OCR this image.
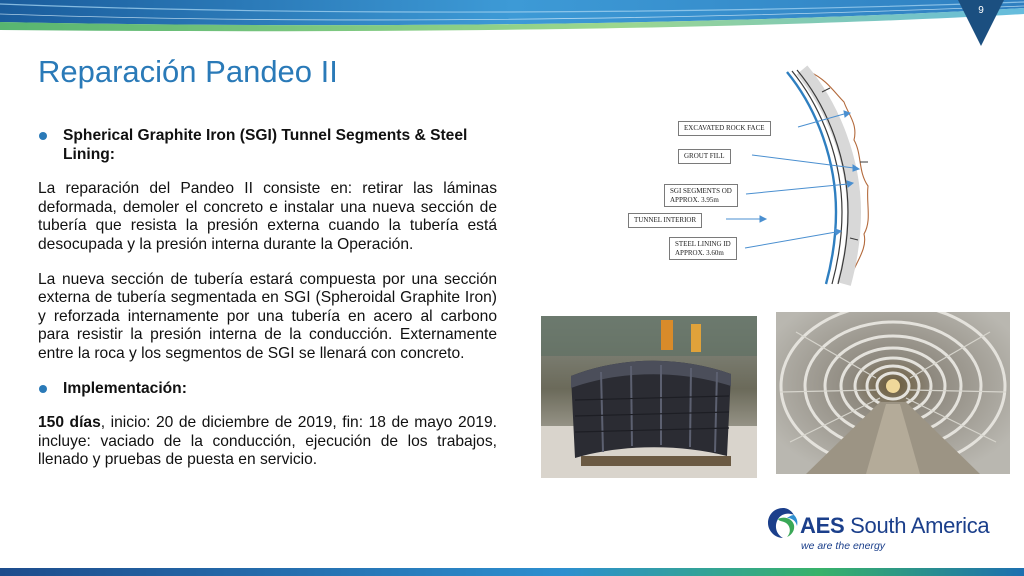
9
Reparación Pandeo II
Spherical Graphite Iron (SGI) Tunnel Segments & Steel Lining:

La reparación del Pandeo II consiste en: retirar las láminas deformada, demoler el concreto e instalar una nueva sección de tubería que resista la presión externa cuando la tubería está desocupada y la presión interna durante la Operación.

La nueva sección de tubería estará compuesta por una sección externa de tubería segmentada en SGI (Spheroidal Graphite Iron) y reforzada internamente por una tubería en acero al carbono para resistir la presión interna de la conducción. Externamente entre la roca y los segmentos de SGI se llenará con concreto.

Implementación:

150 días, inicio: 20 de diciembre de 2019, fin: 18 de mayo 2019. incluye: vaciado de la conducción, ejecución de los trabajos, llenado y pruebas de puesta en servicio.

EXCAVATED ROCK FACE
GROUT FILL
SGI SEGMENTS OD
APPROX. 3.95m
TUNNEL INTERIOR
STEEL LINING ID
APPROX. 3.60m
AES South America
we are the energy
